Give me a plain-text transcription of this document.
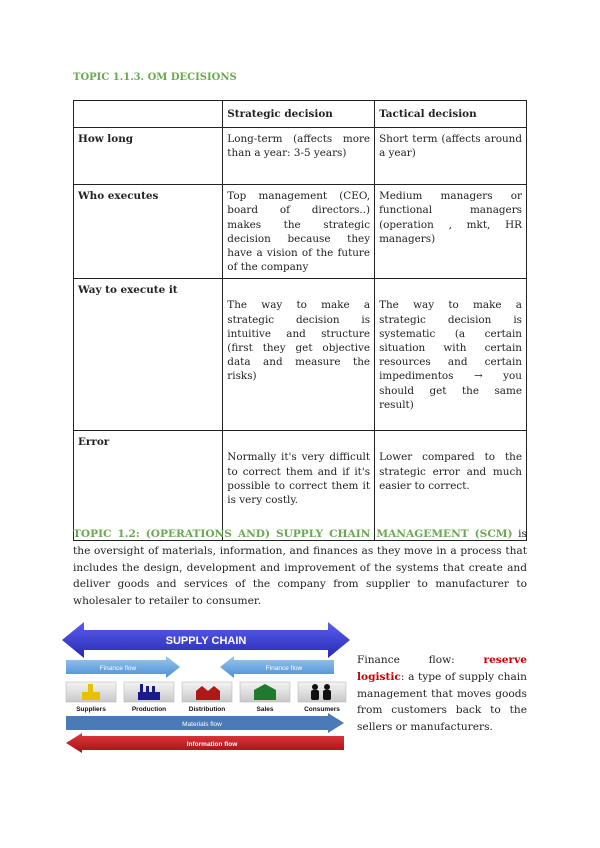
TOPIC 1.1.3. OM DECISIONS
	Strategic decision	Tactical decision
How long	Long-term (affects more than a year: 3-5 years)	Short term (affects around a year)
Who executes	Top management (CEO, board of directors..) makes the strategic decision because they have a vision of the future of the company	Medium managers or functional managers (operation , mkt, HR managers)
Way to execute it	The way to make a strategic decision is intuitive and structure (first they get objective data and measure the risks)	The way to make a strategic decision is systematic (a certain situation with certain resources and certain impedimentos → you should get the same result)
Error	Normally it's very difficult to correct them and if it's possible to correct them it is very costly.	Lower compared to the strategic error and much easier to correct.
TOPIC 1.2: (OPERATIONS AND) SUPPLY CHAIN MANAGEMENT (SCM) is the oversight of materials, information, and finances as they move in a process that includes the design, development and improvement of the systems that create and deliver goods and services of the company from supplier to manufacturer to wholesaler to retailer to consumer.
SUPPLY CHAIN
Finance flow	Finance flow
Suppliers	Production	Distribution	Sales	Consumers
Materials flow
Information flow
Finance flow: reserve logistic: a type of supply chain management that moves goods from customers back to the sellers or manufacturers.
